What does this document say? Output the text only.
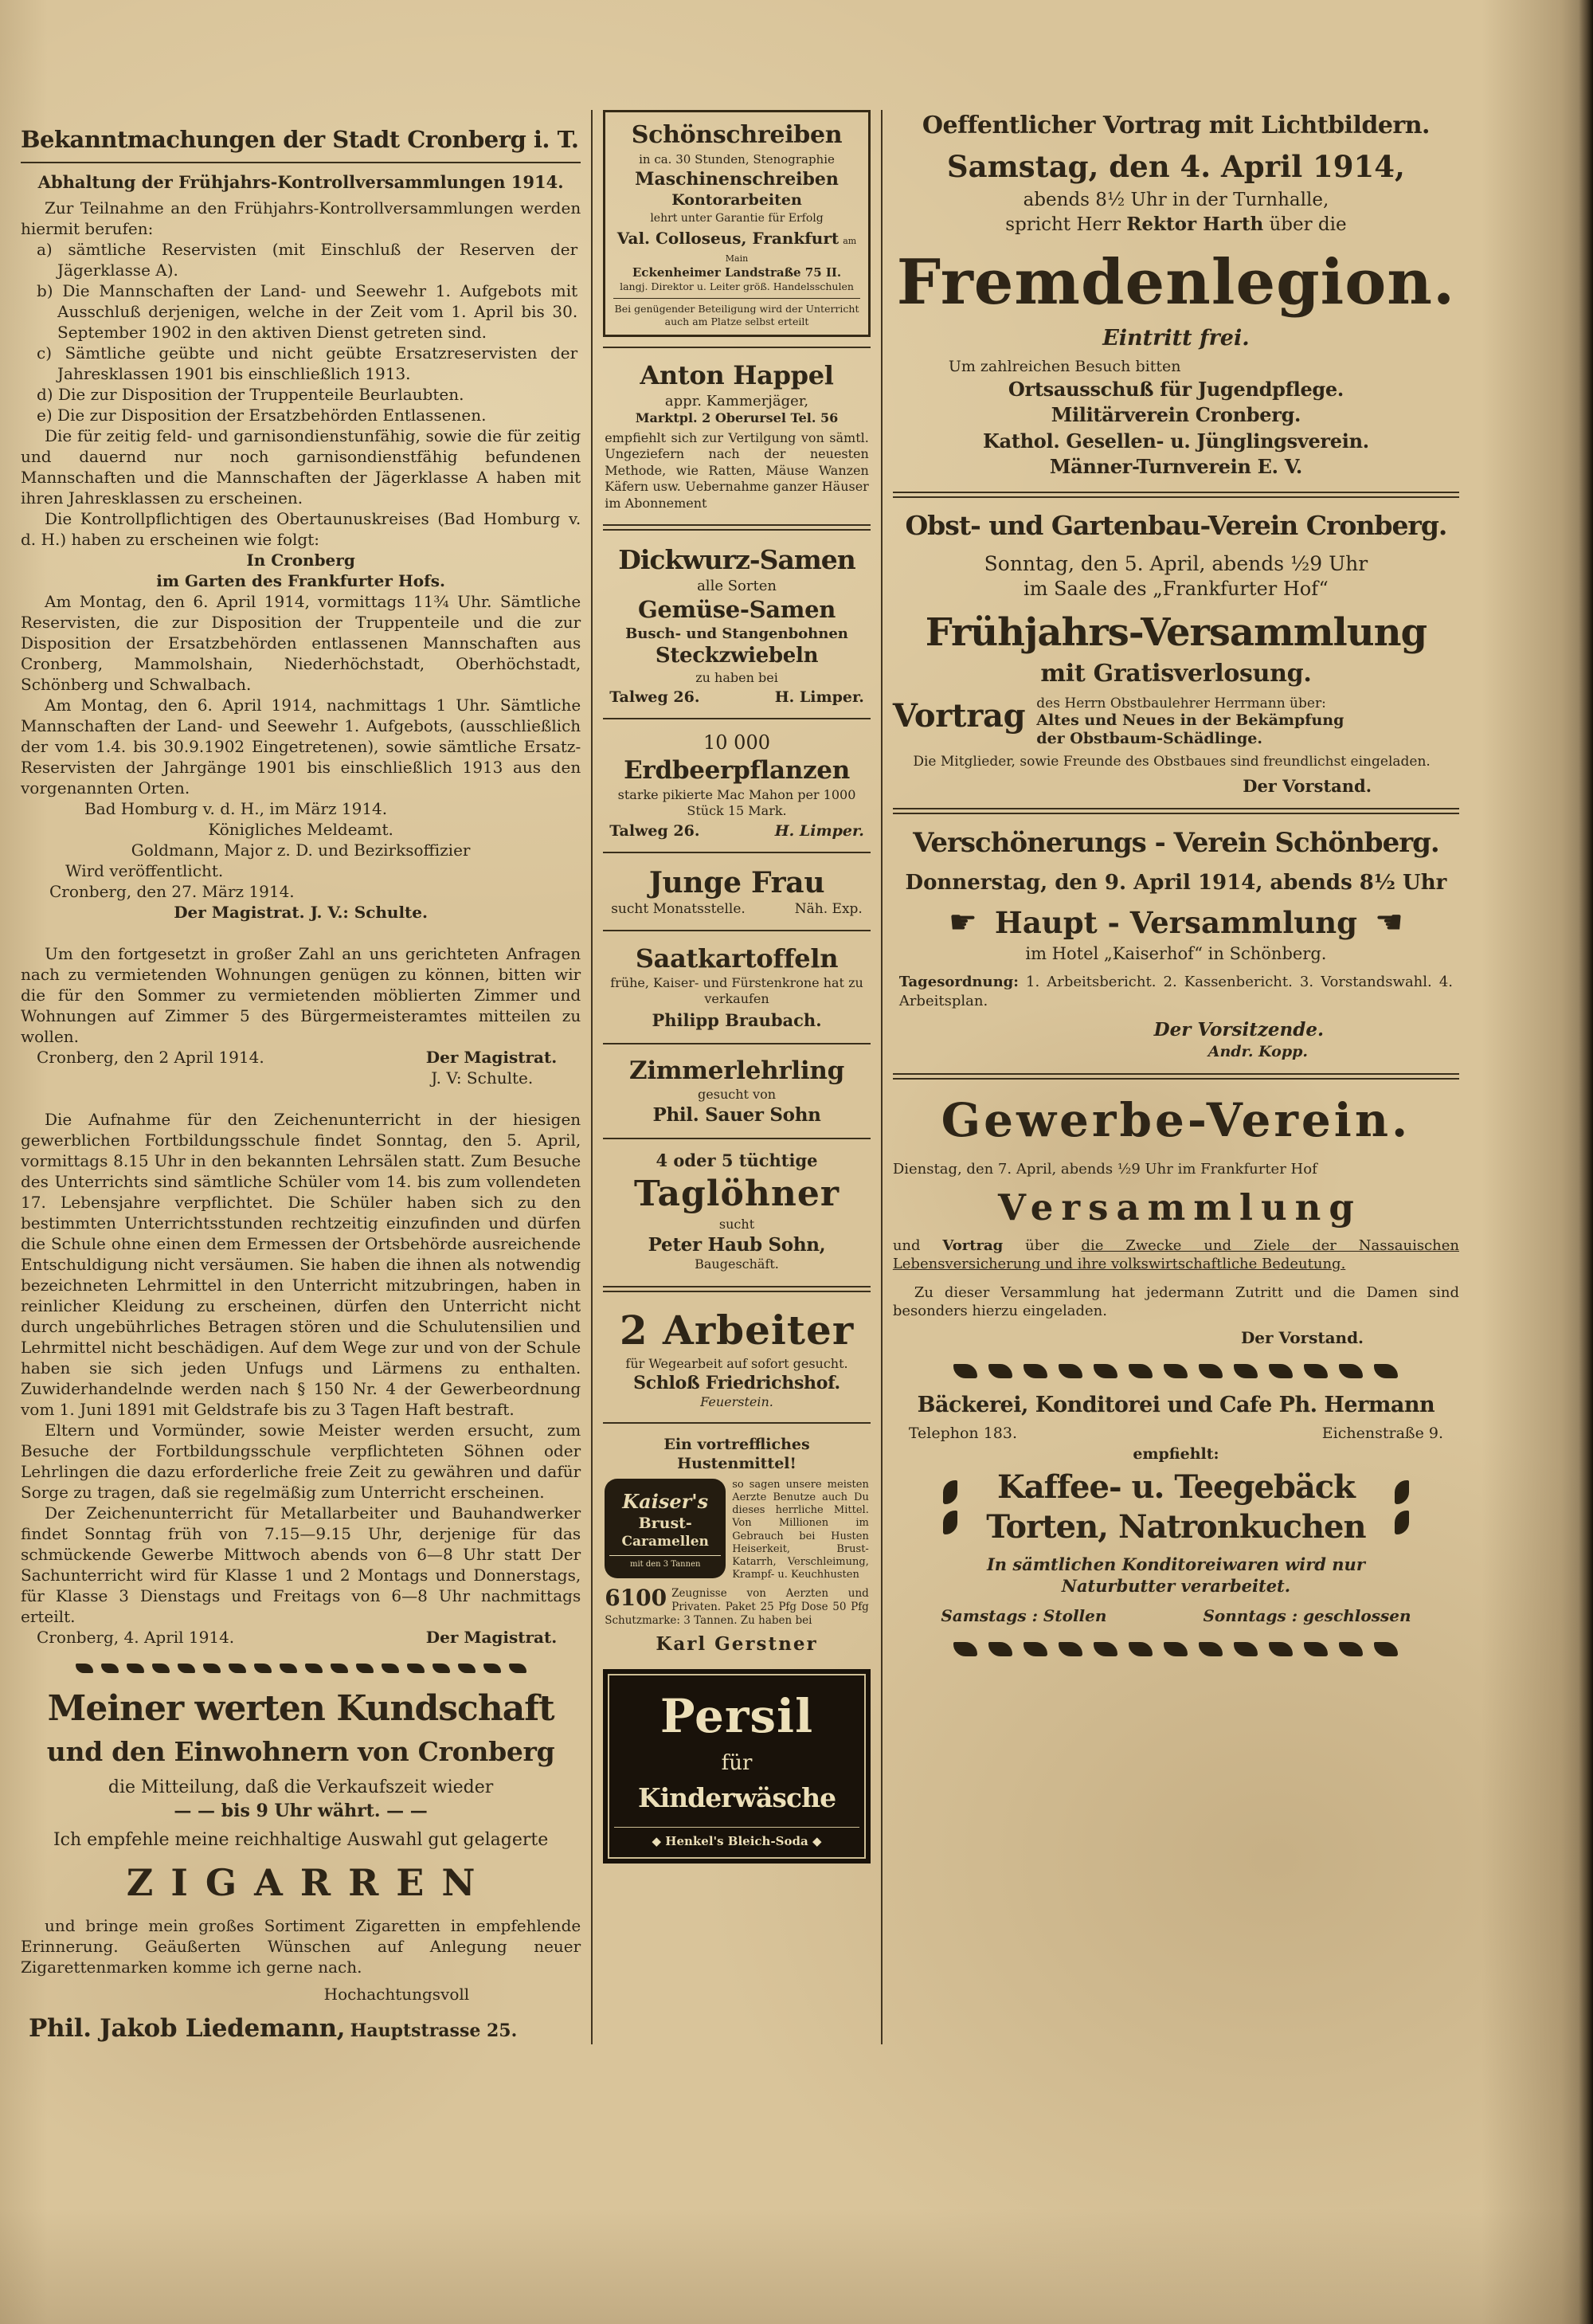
Bekanntmachungen der Stadt Cronberg i. T.

Abhaltung der Frühjahrs-Kontrollversammlungen 1914.

Zur Teilnahme an den Frühjahrs-Kontrollversammlungen werden hiermit berufen:

a) sämtliche Reservisten (mit Einschluß der Reserven der Jägerklasse A).

b) Die Mannschaften der Land- und Seewehr 1. Aufgebots mit Ausschluß derjenigen, welche in der Zeit vom 1. April bis 30. September 1902 in den aktiven Dienst getreten sind.

c) Sämtliche geübte und nicht geübte Ersatzreservisten der Jahresklassen 1901 bis einschließlich 1913.

d) Die zur Disposition der Truppenteile Beurlaubten.

e) Die zur Disposition der Ersatzbehörden Entlassenen.

Die für zeitig feld- und garnisondienstunfähig, sowie die für zeitig und dauernd nur noch garnisondienstfähig befundenen Mannschaften und die Mannschaften der Jägerklasse A haben mit ihren Jahresklassen zu erscheinen.

Die Kontrollpflichtigen des Obertaunuskreises (Bad Homburg v. d. H.) haben zu erscheinen wie folgt:

In Cronberg

im Garten des Frankfurter Hofs.

Am Montag, den 6. April 1914, vormittags 11¾ Uhr. Sämtliche Reservisten, die zur Disposition der Truppenteile und die zur Disposition der Ersatzbehörden entlassenen Mannschaften aus Cronberg, Mammolshain, Niederhöchstadt, Oberhöchstadt, Schönberg und Schwalbach.

Am Montag, den 6. April 1914, nachmittags 1 Uhr. Sämtliche Mannschaften der Land- und Seewehr 1. Aufgebots, (ausschließlich der vom 1.4. bis 30.9.1902 Eingetretenen), sowie sämtliche Ersatz-Reservisten der Jahrgänge 1901 bis einschließlich 1913 aus den vorgenannten Orten.

Bad Homburg v. d. H., im März 1914.

Königliches Meldeamt.

Goldmann, Major z. D. und Bezirksoffizier

Wird veröffentlicht.

Cronberg, den 27. März 1914.

Der Magistrat. J. V.: Schulte.

Um den fortgesetzt in großer Zahl an uns gerichteten Anfragen nach zu vermietenden Wohnungen genügen zu können, bitten wir die für den Sommer zu vermietenden möblierten Zimmer und Wohnungen auf Zimmer 5 des Bürgermeisteramtes mitteilen zu wollen.

Cronberg, den 2 April 1914.	Der Magistrat.

J. V: Schulte.

Die Aufnahme für den Zeichenunterricht in der hiesigen gewerblichen Fortbildungsschule findet Sonntag, den 5. April, vormittags 8.15 Uhr in den bekannten Lehrsälen statt. Zum Besuche des Unterrichts sind sämtliche Schüler vom 14. bis zum vollendeten 17. Lebensjahre verpflichtet. Die Schüler haben sich zu den bestimmten Unterrichtsstunden rechtzeitig einzufinden und dürfen die Schule ohne einen dem Ermessen der Ortsbehörde ausreichende Entschuldigung nicht versäumen. Sie haben die ihnen als notwendig bezeichneten Lehrmittel in den Unterricht mitzubringen, haben in reinlicher Kleidung zu erscheinen, dürfen den Unterricht nicht durch ungebührliches Betragen stören und die Schulutensilien und Lehrmittel nicht beschädigen. Auf dem Wege zur und von der Schule haben sie sich jeden Unfugs und Lärmens zu enthalten. Zuwiderhandelnde werden nach § 150 Nr. 4 der Gewerbeordnung vom 1. Juni 1891 mit Geldstrafe bis zu 3 Tagen Haft bestraft.

Eltern und Vormünder, sowie Meister werden ersucht, zum Besuche der Fortbildungsschule verpflichteten Söhnen oder Lehrlingen die dazu erforderliche freie Zeit zu gewähren und dafür Sorge zu tragen, daß sie regelmäßig zum Unterricht erscheinen.

Der Zeichenunterricht für Metallarbeiter und Bauhandwerker findet Sonntag früh von 7.15—9.15 Uhr, derjenige für das schmückende Gewerbe Mittwoch abends von 6—8 Uhr statt Der Sachunterricht wird für Klasse 1 und 2 Montags und Donnerstags, für Klasse 3 Dienstags und Freitags von 6—8 Uhr nachmittags erteilt.

Cronberg, 4. April 1914.	Der Magistrat.

Meiner werten Kundschaft

und den Einwohnern von Cronberg

die Mitteilung, daß die Verkaufszeit wieder

— — bis 9 Uhr währt. — —

Ich empfehle meine reichhaltige Auswahl gut gelagerte

ZIGARREN

und bringe mein großes Sortiment Zigaretten in empfehlende Erinnerung. Geäußerten Wünschen auf Anlegung neuer Zigarettenmarken komme ich gerne nach.

Hochachtungsvoll

Phil. Jakob Liedemann, Hauptstrasse 25.

Schönschreiben

in ca. 30 Stunden, Stenographie

Maschinenschreiben

Kontorarbeiten

lehrt unter Garantie für Erfolg

Val. Colloseus, Frankfurt am Main

Eckenheimer Landstraße 75 II.

langj. Direktor u. Leiter größ. Handelsschulen

Bei genügender Beteiligung wird der Unterricht auch am Platze selbst erteilt

Anton Happel

appr. Kammerjäger,

Marktpl. 2 Oberursel Tel. 56

empfiehlt sich zur Vertilgung von sämtl. Ungeziefern nach der neuesten Methode, wie Ratten, Mäuse Wanzen Käfern usw. Uebernahme ganzer Häuser im Abonnement

Dickwurz-Samen

alle Sorten

Gemüse-Samen

Busch- und Stangenbohnen

Steckzwiebeln

zu haben bei

Talweg 26.	H. Limper.

10 000

Erdbeerpflanzen

starke pikierte Mac Mahon per 1000 Stück 15 Mark.

Talweg 26.	H. Limper.

Junge Frau

sucht Monatsstelle.	Näh. Exp.

Saatkartoffeln

frühe, Kaiser- und Fürstenkrone hat zu verkaufen

Philipp Braubach.

Zimmerlehrling

gesucht von

Phil. Sauer Sohn

4 oder 5 tüchtige

Taglöhner

sucht

Peter Haub Sohn,

Baugeschäft.

2 Arbeiter

für Wegearbeit auf sofort gesucht.

Schloß Friedrichshof.

Feuerstein.

Ein vortreffliches Hustenmittel!

Kaiser's

Brust-

Caramellen

mit den 3 Tannen

so sagen unsere meisten Aerzte Benutze auch Du dieses herrliche Mittel. Von Millionen im Gebrauch bei Husten Heiserkeit, Brust-Katarrh, Verschleimung, Krampf- u. Keuchhusten

6100 Zeugnisse von Aerzten und Privaten. Paket 25 Pfg Dose 50 Pfg Schutzmarke: 3 Tannen. Zu haben bei

Karl Gerstner

Persil

für

Kinderwäsche

◆ Henkel's Bleich-Soda ◆

Oeffentlicher Vortrag mit Lichtbildern.

Samstag, den 4. April 1914,

abends 8½ Uhr in der Turnhalle,

spricht Herr Rektor Harth über die

Fremdenlegion.

Eintritt frei.

Um zahlreichen Besuch bitten

Ortsausschuß für Jugendpflege.

Militärverein Cronberg.

Kathol. Gesellen- u. Jünglingsverein.

Männer-Turnverein E. V.

Obst- und Gartenbau-Verein Cronberg.

Sonntag, den 5. April, abends ½9 Uhr

im Saale des „Frankfurter Hof“

Frühjahrs-Versammlung

mit Gratisverlosung.

Vortrag des Herrn Obstbaulehrer Herrmann über:

Altes und Neues in der Bekämpfung

der Obstbaum-Schädlinge.

Die Mitglieder, sowie Freunde des Obstbaues sind freundlichst eingeladen.

Der Vorstand.

Verschönerungs - Verein Schönberg.

Donnerstag, den 9. April 1914, abends 8½ Uhr

☛ Haupt - Versammlung ☚

im Hotel „Kaiserhof“ in Schönberg.

Tagesordnung: 1. Arbeitsbericht. 2. Kassenbericht. 3. Vorstandswahl. 4. Arbeitsplan.

Der Vorsitzende.

Andr. Kopp.

Gewerbe-Verein.

Dienstag, den 7. April, abends ½9 Uhr im Frankfurter Hof

Versammlung

und Vortrag über die Zwecke und Ziele der Nassauischen Lebensversicherung und ihre volkswirtschaftliche Bedeutung.

Zu dieser Versammlung hat jedermann Zutritt und die Damen sind besonders hierzu eingeladen.

Der Vorstand.

Bäckerei, Konditorei und Cafe Ph. Hermann

Telephon 183.	Eichenstraße 9.

empfiehlt:

Kaffee- u. Teegebäck

Torten, Natronkuchen

In sämtlichen Konditoreiwaren wird nur Naturbutter verarbeitet.

Samstags : Stollen	Sonntags : geschlossen
